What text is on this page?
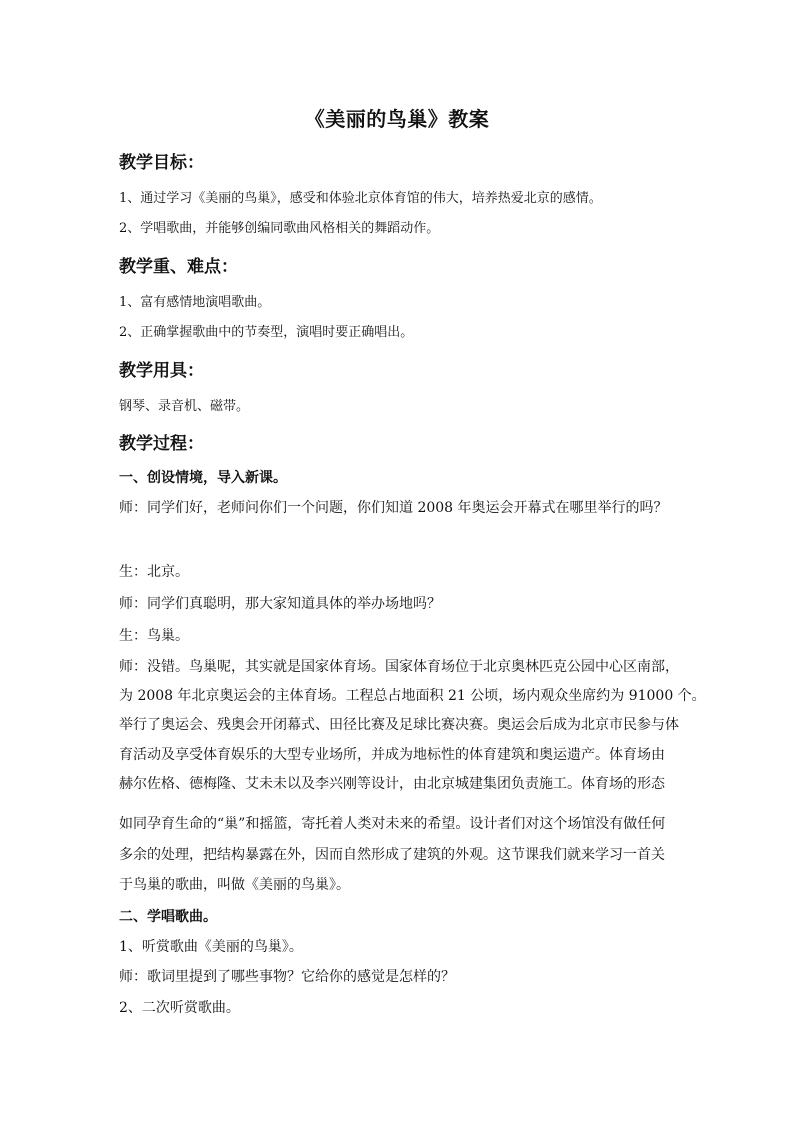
《美丽的鸟巢》教案
教学目标：
1、通过学习《美丽的鸟巢》，感受和体验北京体育馆的伟大，培养热爱北京的感情。
2、学唱歌曲，并能够创编同歌曲风格相关的舞蹈动作。
教学重、难点：
1、富有感情地演唱歌曲。
2、正确掌握歌曲中的节奏型，演唱时要正确唱出。
教学用具：
钢琴、录音机、磁带。
教学过程：
一、创设情境，导入新课。
师：同学们好，老师问你们一个问题，你们知道 2008 年奥运会开幕式在哪里举行的吗？
生：北京。
师：同学们真聪明，那大家知道具体的举办场地吗？
生：鸟巢。
师：没错。鸟巢呢，其实就是国家体育场。国家体育场位于北京奥林匹克公园中心区南部，
为 2008 年北京奥运会的主体育场。工程总占地面积 21 公顷，场内观众坐席约为 91000 个。
举行了奥运会、残奥会开闭幕式、田径比赛及足球比赛决赛。奥运会后成为北京市民参与体
育活动及享受体育娱乐的大型专业场所，并成为地标性的体育建筑和奥运遗产。体育场由
赫尔佐格、德梅隆、艾未未以及李兴刚等设计，由北京城建集团负责施工。体育场的形态
如同孕育生命的“巢”和摇篮，寄托着人类对未来的希望。设计者们对这个场馆没有做任何
多余的处理，把结构暴露在外，因而自然形成了建筑的外观。这节课我们就来学习一首关
于鸟巢的歌曲，叫做《美丽的鸟巢》。
二、学唱歌曲。
1、听赏歌曲《美丽的鸟巢》。
师：歌词里提到了哪些事物？它给你的感觉是怎样的？
2、二次听赏歌曲。
